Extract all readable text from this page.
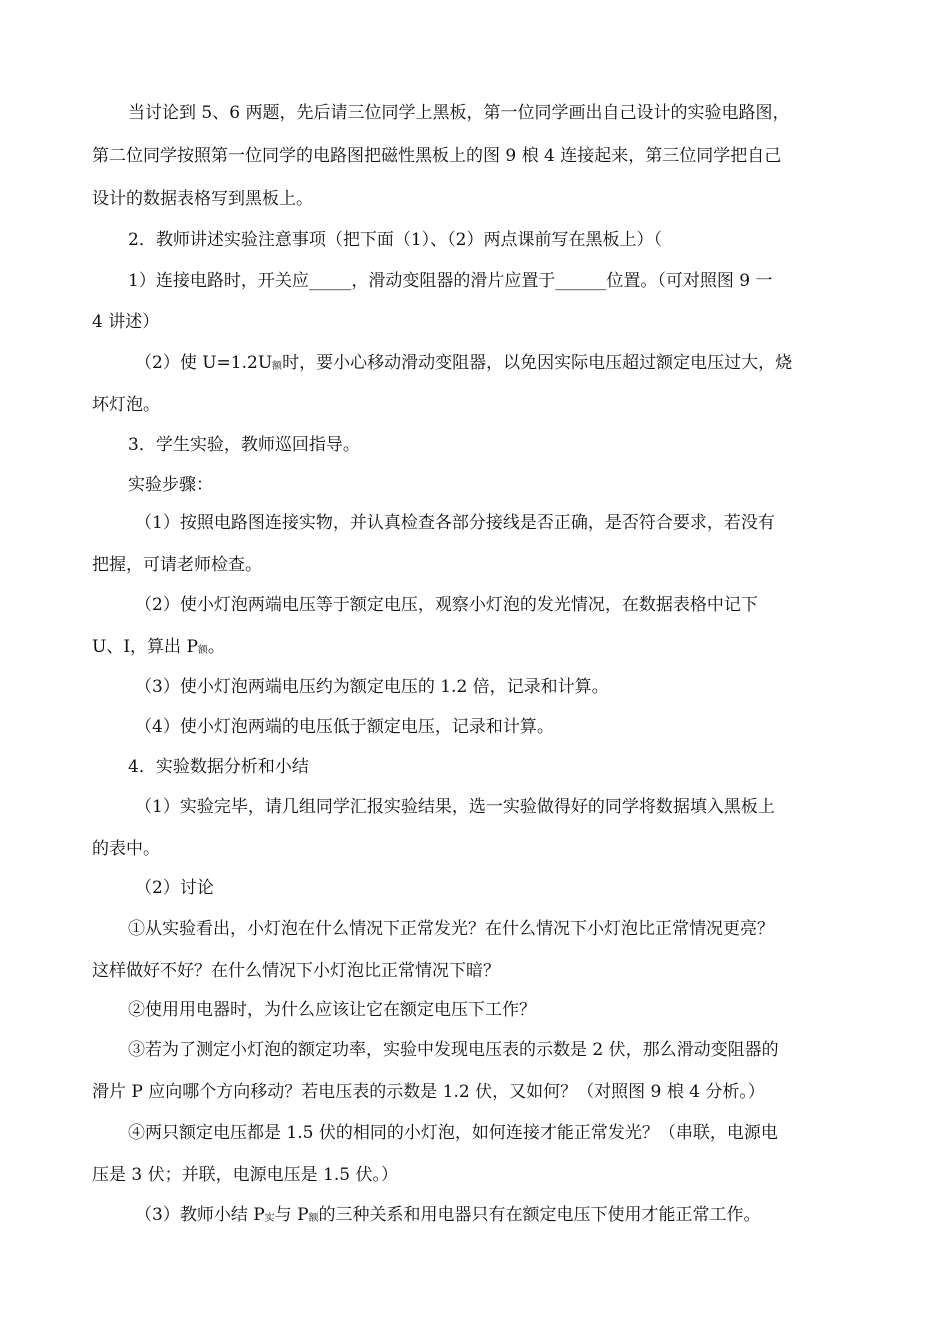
当讨论到 5、6 两题，先后请三位同学上黑板，第一位同学画出自己设计的实验电路图，
第二位同学按照第一位同学的电路图把磁性黑板上的图 9 桹 4 连接起来，第三位同学把自己
设计的数据表格写到黑板上。
2．教师讲述实验注意事项（把下面（1）、（2）两点课前写在黑板上）（
1）连接电路时，开关应_____，滑动变阻器的滑片应置于______位置。（可对照图 9 一
4 讲述）
（2）使 $U=1.2U_额$时，要小心移动滑动变阻器，以免因实际电压超过额定电压过大，烧
坏灯泡。
3．学生实验，教师巡回指导。
实验步骤：
（1）按照电路图连接实物，并认真检查各部分接线是否正确，是否符合要求，若没有
把握，可请老师检查。
（2）使小灯泡两端电压等于额定电压，观察小灯泡的发光情况，在数据表格中记下
U、I，算出 $P_额$。
（3）使小灯泡两端电压约为额定电压的 1.2 倍，记录和计算。
（4）使小灯泡两端的电压低于额定电压，记录和计算。
4．实验数据分析和小结
（1）实验完毕，请几组同学汇报实验结果，选一实验做得好的同学将数据填入黑板上
的表中。
（2）讨论
①从实验看出，小灯泡在什么情况下正常发光？在什么情况下小灯泡比正常情况更亮？
这样做好不好？在什么情况下小灯泡比正常情况下暗？
②使用用电器时，为什么应该让它在额定电压下工作？
③若为了测定小灯泡的额定功率，实验中发现电压表的示数是 2 伏，那么滑动变阻器的
滑片 P 应向哪个方向移动？若电压表的示数是 1.2 伏，又如何？（对照图 9 桹 4 分析。）
④两只额定电压都是 1.5 伏的相同的小灯泡，如何连接才能正常发光？（串联，电源电
压是 3 伏；并联，电源电压是 1.5 伏。）
（3）教师小结 $P_实$与 $P_额$的三种关系和用电器只有在额定电压下使用才能正常工作。
